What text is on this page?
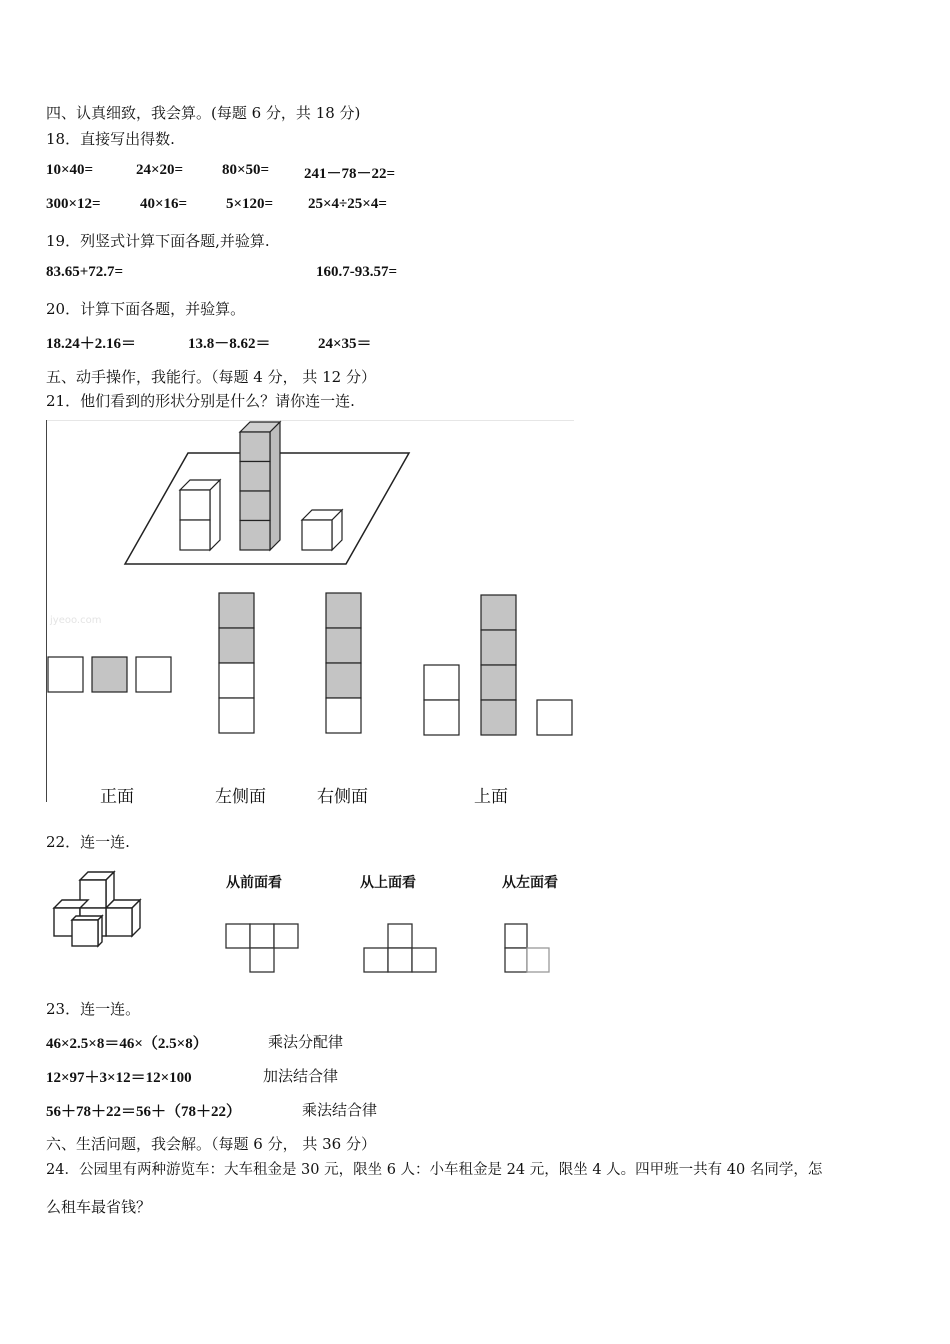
四、认真细致，我会算。(每题 6 分，共 18 分)
18．直接写出得数.
10×40=	24×20=	80×50= 241－78－22=
300×12=	40×16=	5×120= 25×4÷25×4=
19．列竖式计算下面各题,并验算.
83.65+72.7=	160.7-93.57=
20．计算下面各题，并验算。
18.24＋2.16＝	13.8－8.62＝	24×35＝
五、动手操作，我能行。（每题 4 分， 共 12 分）
21．他们看到的形状分别是什么？请你连一连.
jyeoo.com
正面	左侧面	右侧面	上面
22．连一连.
从前面看	从上面看	从左面看
23．连一连。
46×2.5×8＝46×（2.5×8）	乘法分配律
12×97＋3×12＝12×100	加法结合律
56＋78＋22＝56＋（78＋22）	乘法结合律
六、生活问题，我会解。（每题 6 分， 共 36 分）
24．公园里有两种游览车：大车租金是 30 元，限坐 6 人：小车租金是 24 元，限坐 4 人。四甲班一共有 40 名同学，怎
么租车最省钱？
